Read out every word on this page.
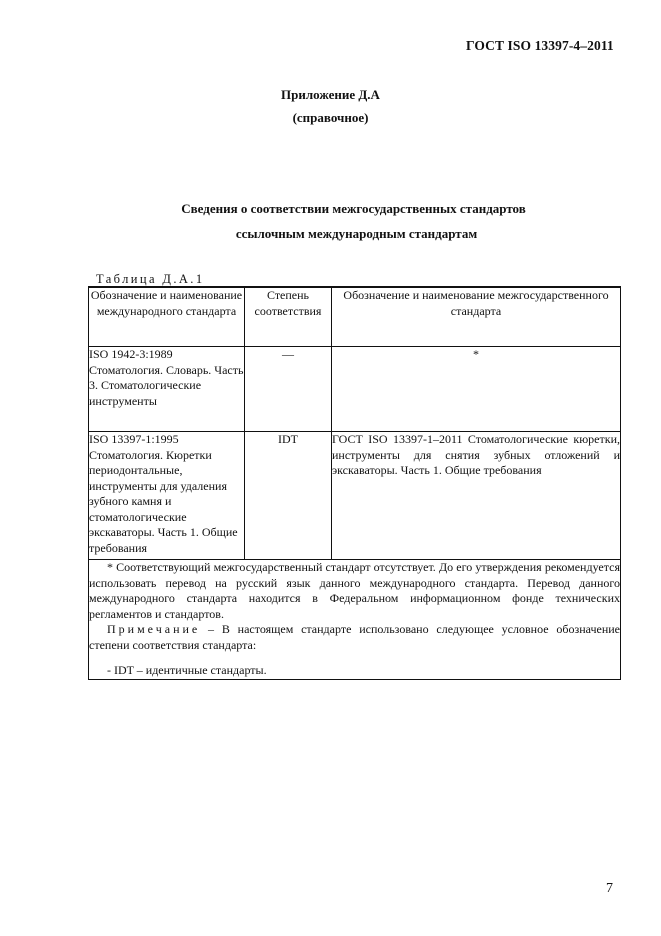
ГОСТ ISO 13397-4–2011
Приложение Д.А
(справочное)
Сведения о соответствии межгосударственных стандартов
ссылочным международным стандартам
Таблица Д.А.1
Обозначение и наименование международного стандарта	Степень соответствия	Обозначение и наименование межгосударственного стандарта
ISO 1942-3:1989 Стоматология. Словарь. Часть 3. Стоматологические инструменты	—	*
ISO 13397-1:1995 Стоматология. Кюретки периодонтальные, инструменты для удаления зубного камня и стоматологические экскаваторы. Часть 1. Общие требования	IDT	ГОСТ ISO 13397-1–2011 Стоматологические кюретки, инструменты для снятия зубных отложений и экскаваторы. Часть 1. Общие требования

* Соответствующий межгосударственный стандарт отсутствует. До его утверждения рекомендуется использовать перевод на русский язык данного международного стандарта. Перевод данного международного стандарта находится в Федеральном информационном фонде технических регламентов и стандартов.

Примечание – В настоящем стандарте использовано следующее условное обозначение степени соответствия стандарта:

- IDT – идентичные стандарты.		

7
